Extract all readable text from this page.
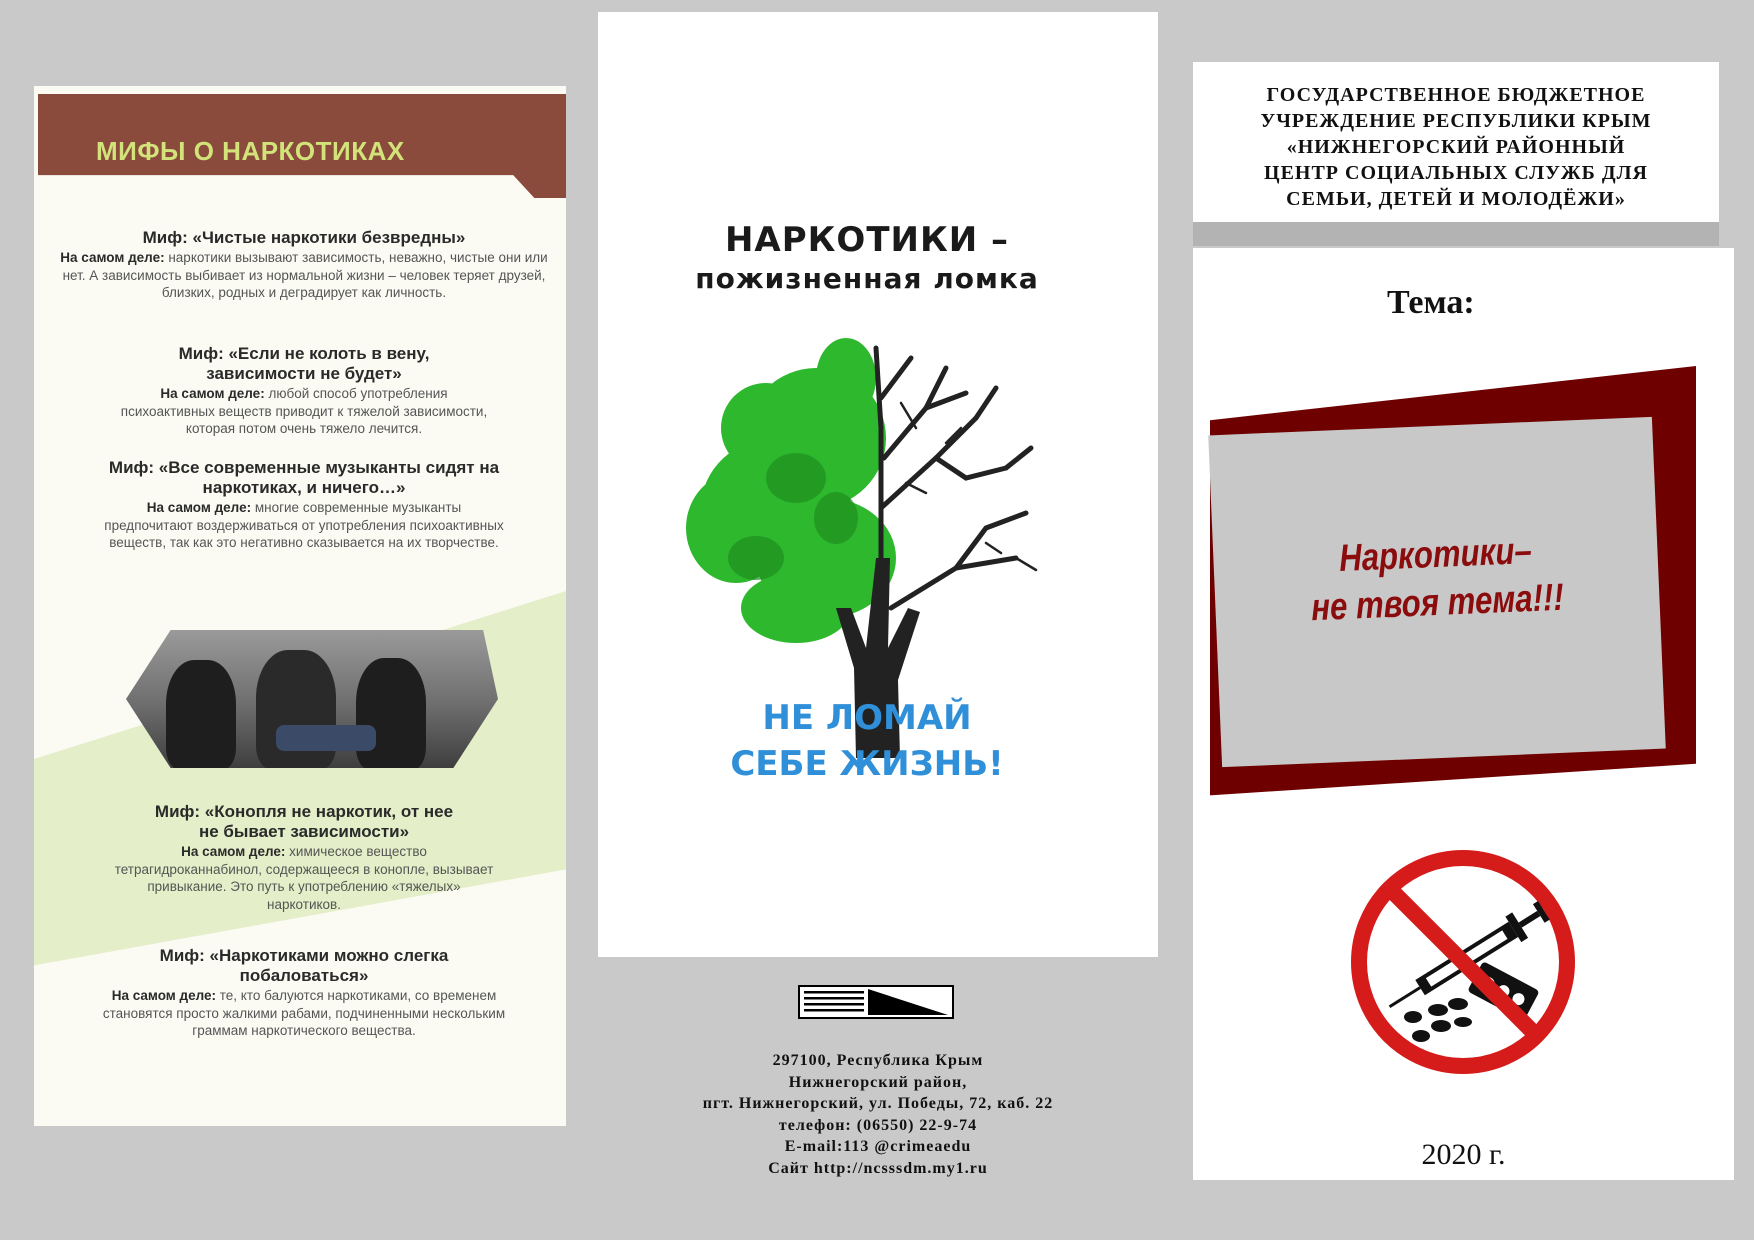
МИФЫ О НАРКОТИКАХ
Миф: «Чистые наркотики безвредны»
На самом деле: наркотики вызывают зависимость, неважно, чистые они или нет. А зависимость выбивает из нормальной жизни – человек теряет друзей, близких, родных и деградирует как личность.
Миф: «Если не колоть в вену, зависимости не будет»
На самом деле: любой способ употребления психоактивных веществ приводит к тяжелой зависимости, которая потом очень тяжело лечится.
Миф: «Все современные музыканты сидят на наркотиках, и ничего…»
На самом деле: многие современные музыканты предпочитают воздерживаться от употребления психоактивных веществ, так как это негативно сказывается на их творчестве.
Миф: «Конопля не наркотик, от нее не бывает зависимости»
На самом деле: химическое вещество тетрагидроканнабинол, содержащееся в конопле, вызывает привыкание. Это путь к употреблению «тяжелых» наркотиков.
Миф: «Наркотиками можно слегка побаловаться»
На самом деле: те, кто балуются наркотиками, со временем становятся просто жалкими рабами, подчиненными нескольким граммам наркотического вещества.
НАРКОТИКИ –
пожизненная ломка
НЕ ЛОМАЙ
СЕБЕ ЖИЗНЬ!
297100, Республика Крым
Нижнегорский район,
пгт. Нижнегорский, ул. Победы, 72, каб. 22
телефон: (06550) 22-9-74
E-mail:113 @crimeaedu
Сайт http://ncsssdm.my1.ru
ГОСУДАРСТВЕННОЕ БЮДЖЕТНОЕ
УЧРЕЖДЕНИЕ РЕСПУБЛИКИ КРЫМ
«НИЖНЕГОРСКИЙ РАЙОННЫЙ
ЦЕНТР СОЦИАЛЬНЫХ СЛУЖБ ДЛЯ
СЕМЬИ, ДЕТЕЙ И МОЛОДЁЖИ»
Тема:
Наркотики–
не твоя тема!!!
2020 г.
